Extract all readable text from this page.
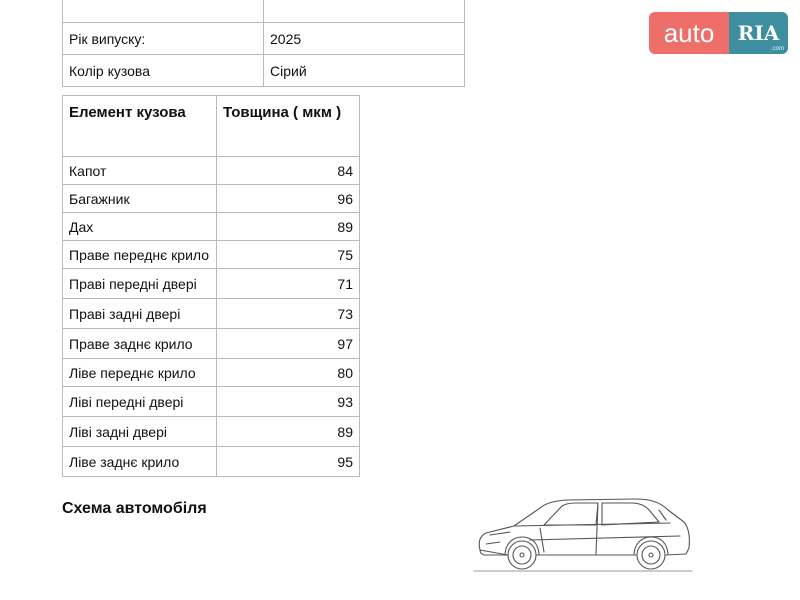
Рік випуску:	2025
Колір кузова	Сірий
Елемент кузова	Товщина ( мкм )
Капот	84
Багажник	96
Дах	89
Праве переднє крило	75
Праві передні двері	71
Праві задні двері	73
Праве заднє крило	97
Ліве переднє крило	80
Ліві передні двері	93
Ліві задні двері	89
Ліве заднє крило	95
Схема автомобіля
auto	RIA
.com
